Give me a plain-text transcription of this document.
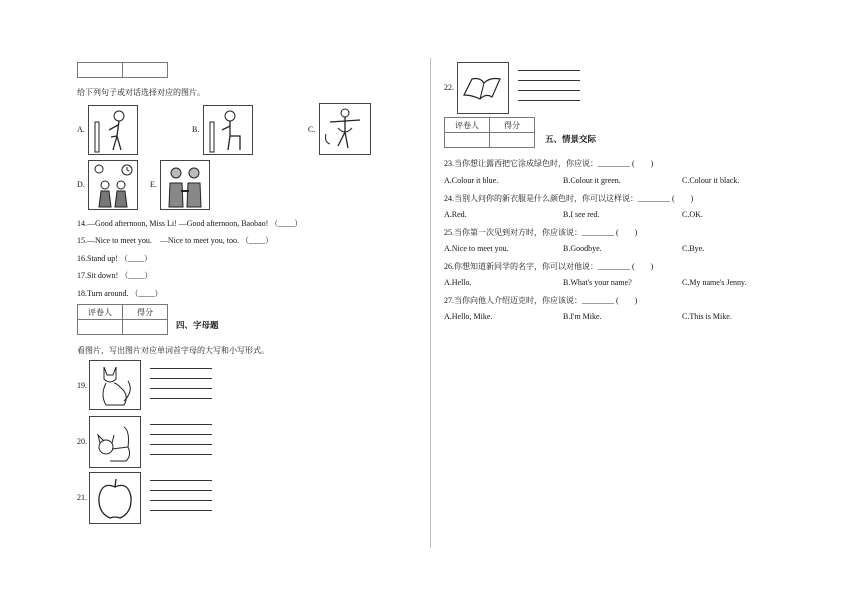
给下列句子或对话选择对应的图片。
A.	B.	C.
D.	E.
14.—Good afternoon, Miss Li! —Good afternoon, Baobao! （____）
15.—Nice to meet you.　—Nice to meet you, too. （____）
16.Stand up! （____）
17.Sit down! （____）
18.Turn around. （____）
评卷人	得分

四、字母题
看图片，写出图片对应单词首字母的大写和小写形式。
19.
20.
21.
22.
评卷人	得分

五、情景交际
23.当你想让露西把它涂成绿色时，你应说：________ (　　)
A.Colour it blue.	B.Colour it green.	C.Colour it black.
24.当别人问你的新衣服是什么颜色时，你可以这样说：________ (　　)
A.Red.	B.I see red.	C.OK.
25.当你第一次见到对方时，你应该说：________ (　　)
A.Nice to meet you.	B.Goodbye.	C.Bye.
26.你想知道新同学的名字，你可以对他说：________ (　　)
A.Hello.	B.What's your name?	C.My name's Jenny.
27.当你向他人介绍迈克时，你应该说：________ (　　)
A.Hello, Mike.	B.I'm Mike.	C.This is Mike.
